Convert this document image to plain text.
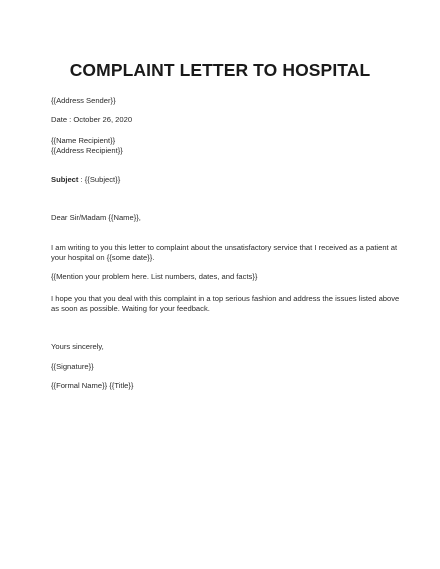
COMPLAINT LETTER TO HOSPITAL
{{Address Sender}}
Date : October 26, 2020
{{Name Recipient}}
{{Address Recipient}}
Subject : {{Subject}}
Dear Sir/Madam {{Name}},
I am writing to you this letter to complaint about the unsatisfactory service that I received as a patient at
your hospital on {{some date}}.
{{Mention your problem here. List numbers, dates, and facts}}
I hope you that you deal with this complaint in a top serious fashion and address the issues listed above
as soon as possible. Waiting for your feedback.
Yours sincerely,
{{Signature}}
{{Formal Name}} {{Title}}
